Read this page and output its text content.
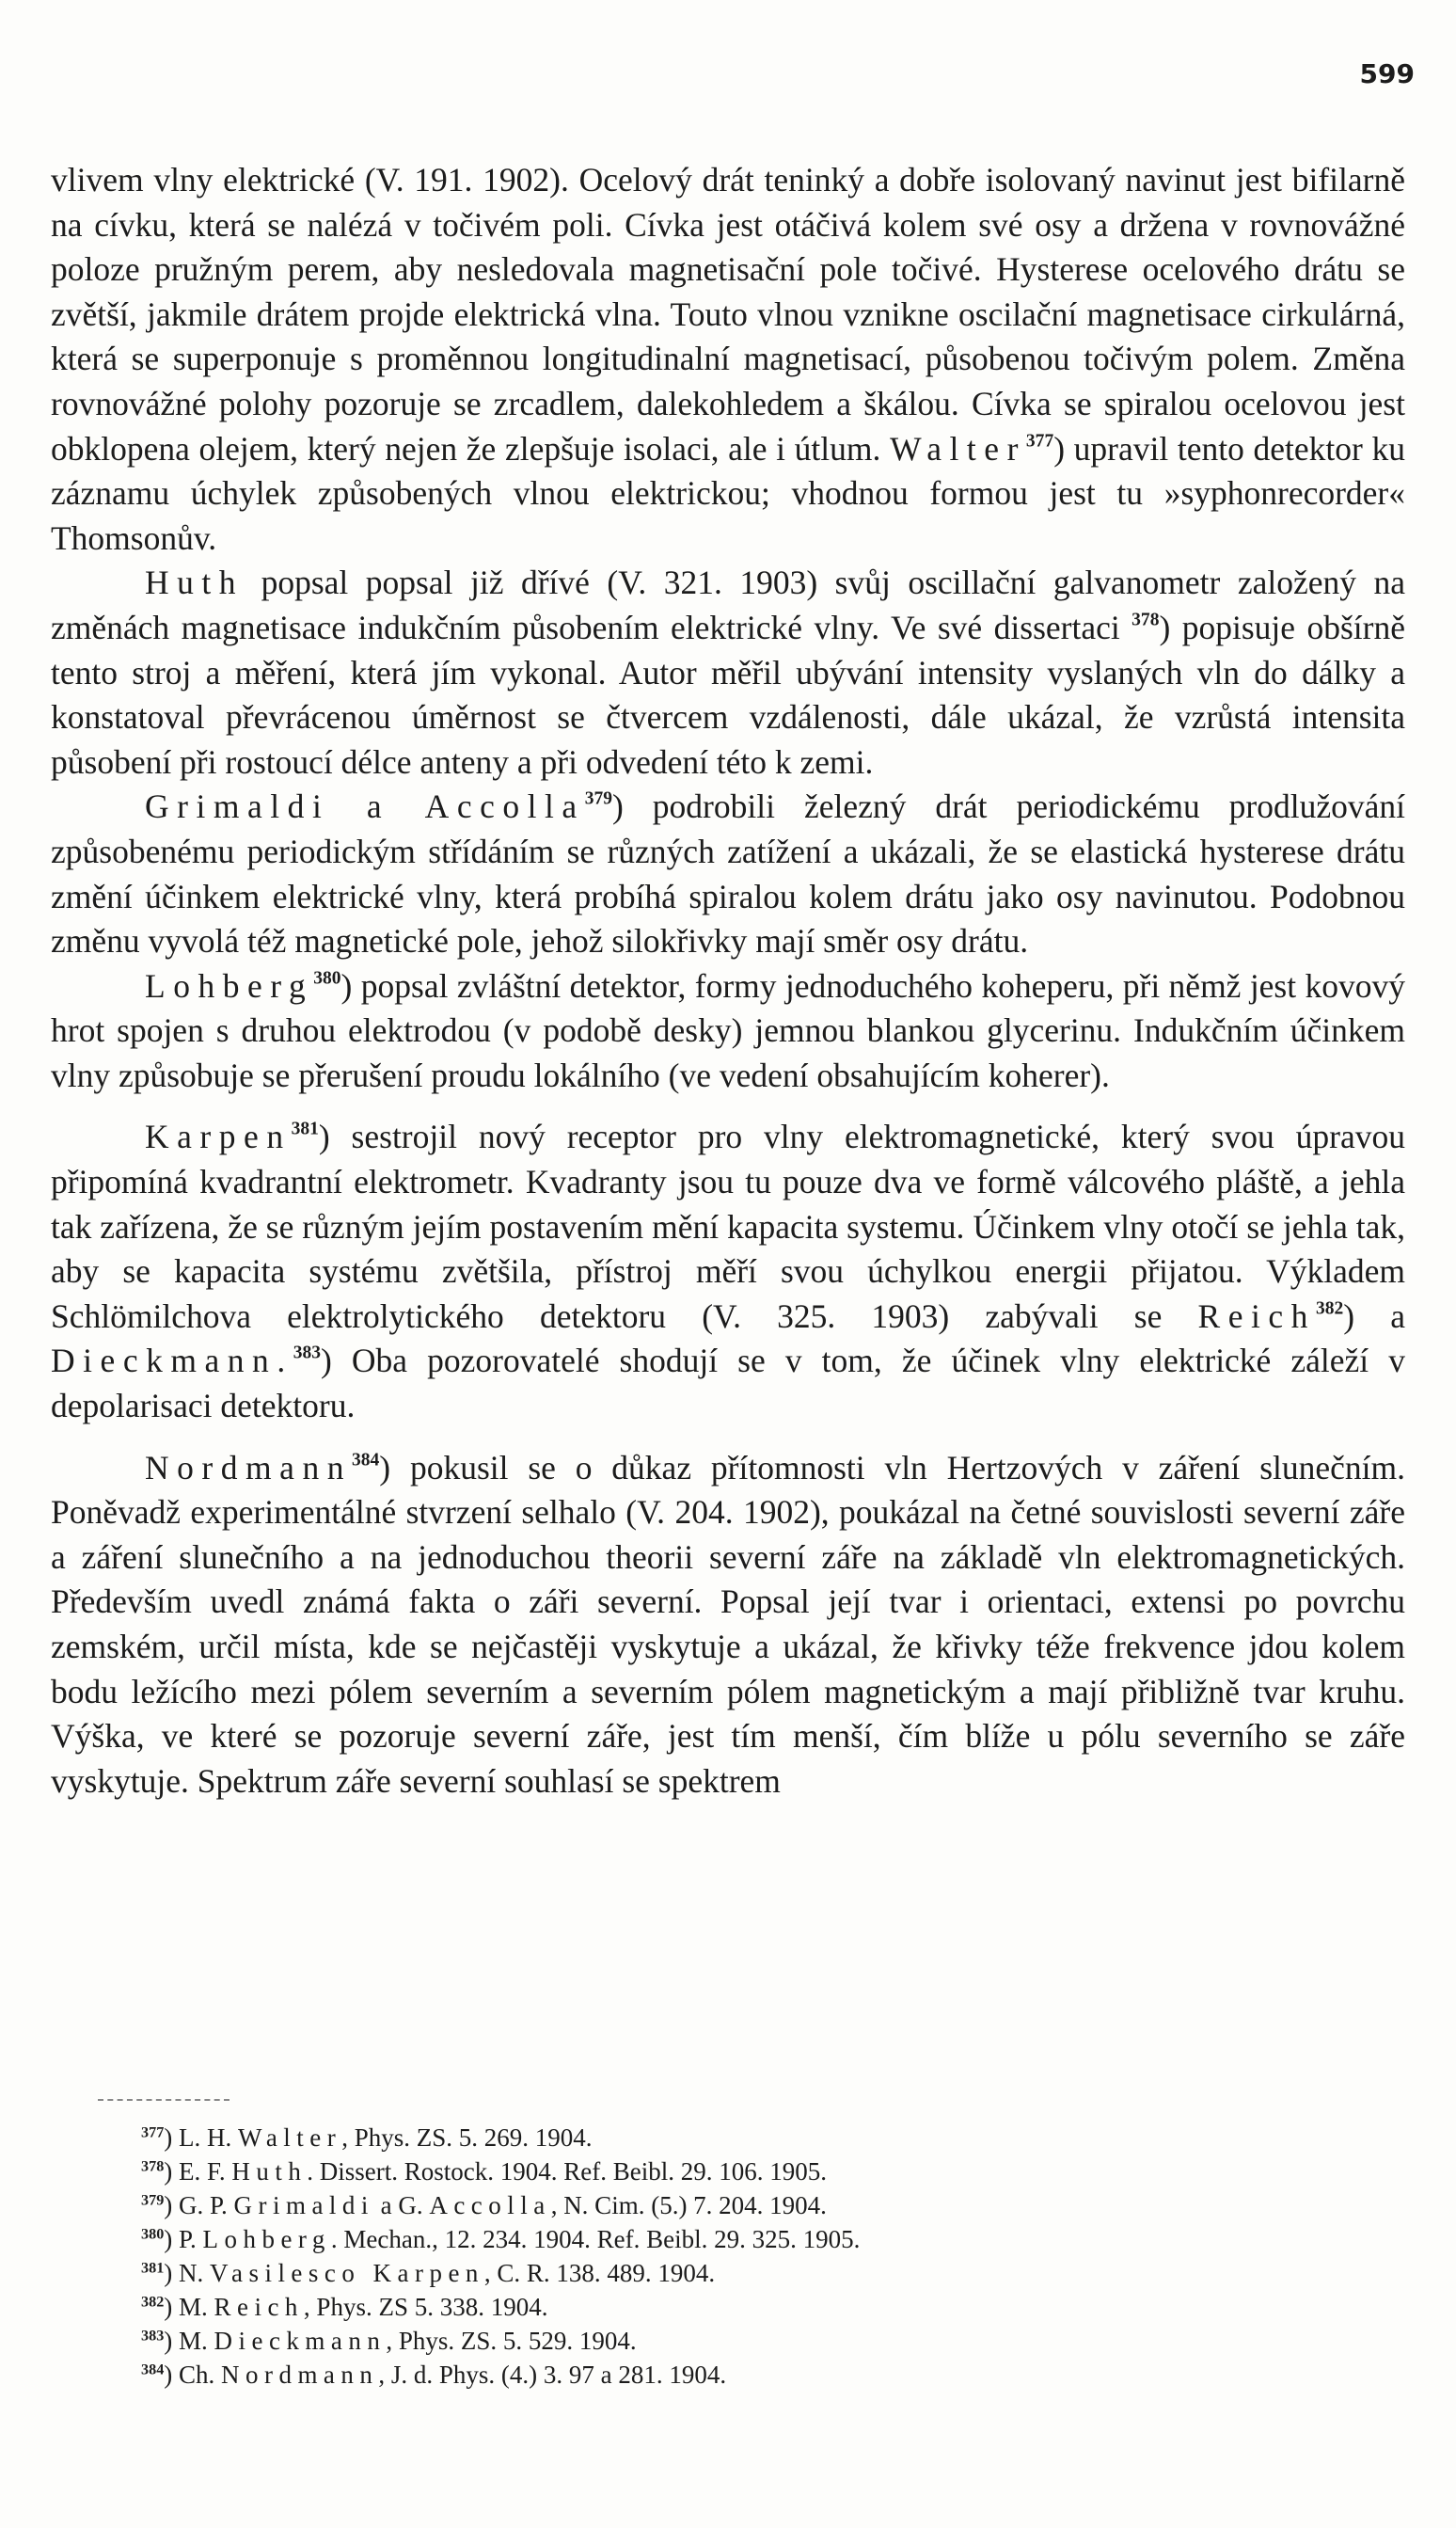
599

vlivem vlny elektrické (V. 191. 1902). Ocelový drát teninký a dobře isolovaný navinut jest bifilarně na cívku, která se nalézá v točivém poli. Cívka jest otáčivá kolem své osy a držena v rovnovážné poloze pružným perem, aby nesledovala magnetisační pole točivé. Hysterese ocelového drátu se zvětší, jakmile drátem projde elektrická vlna. Touto vlnou vznikne oscilační magnetisace cirkulárná, která se superponuje s proměnnou longitudinalní magnetisací, působenou točivým polem. Změna rovnovážné polohy pozoruje se zrcadlem, dalekohledem a škálou. Cívka se spiralou ocelovou jest obklopena olejem, který nejen že zlepšuje isolaci, ale i útlum. Walter$^{377}$) upravil tento detektor ku záznamu úchylek způsobených vlnou elektrickou; vhodnou formou jest tu »syphonrecorder« Thomsonův.

Huth popsal popsal již dřívé (V. 321. 1903) svůj oscillační galvanometr založený na změnách magnetisace indukčním působením elektrické vlny. Ve své dissertaci $^{378}$) popisuje obšírně tento stroj a měření, která jím vykonal. Autor měřil ubývání intensity vyslaných vln do dálky a konstatoval převrácenou úměrnost se čtvercem vzdálenosti, dále ukázal, že vzrůstá intensita působení při rostoucí délce anteny a při odvedení této k zemi.

Grimaldi a Accolla$^{379}$) podrobili železný drát periodickému prodlužování způsobenému periodickým střídáním se různých zatížení a ukázali, že se elastická hysterese drátu změní účinkem elektrické vlny, která probíhá spiralou kolem drátu jako osy navinutou. Podobnou změnu vyvolá též magnetické pole, jehož silokřivky mají směr osy drátu.

Lohberg$^{380}$) popsal zvláštní detektor, formy jednoduchého koheреru, při němž jest kovový hrot spojen s druhou elektrodou (v podobě desky) jemnou blankou glycerinu. Indukčním účinkem vlny způsobuje se přerušení proudu lokálního (ve vedení obsahujícím koherer).

Karpen$^{381}$) sestrojil nový receptor pro vlny elektromagnetické, který svou úpravou připomíná kvadrantní elektrometr. Kvadranty jsou tu pouze dva ve formě válcového pláště, a jehla tak zařízena, že se různým jejím postavením mění kapacita systemu. Účinkem vlny otočí se jehla tak, aby se kapacita systému zvětšila, přístroj měří svou úchylkou energii přijatou. Výkladem Schlömilchova elektrolytického detektoru (V. 325. 1903) zabývali se Reich$^{382}$) a Dieckmann.$^{383}$) Oba pozorovatelé shodují se v tom, že účinek vlny elektrické záleží v depolarisaci detektoru.

Nordmann$^{384}$) pokusil se o důkaz přítomnosti vln Hertzových v záření slunečním. Poněvadž experimentálné stvrzení selhalo (V. 204. 1902), poukázal na četné souvislosti severní záře a záření slunečního a na jednoduchou theorii severní záře na základě vln elektromagnetických. Především uvedl známá fakta o záři severní. Popsal její tvar i orientaci, extensi po povrchu zemském, určil místa, kde se nejčastěji vyskytuje a ukázal, že křivky téže frekvence jdou kolem bodu ležícího mezi pólem severním a severním pólem magnetickým a mají přibližně tvar kruhu. Výška, ve které se pozoruje severní záře, jest tím menší, čím blíže u pólu severního se záře vyskytuje. Spektrum záře severní souhlasí se spektrem

$^{377}$) L. H. Walter, Phys. ZS. 5. 269. 1904.
$^{378}$) E. F. Huth. Dissert. Rostock. 1904. Ref. Beibl. 29. 106. 1905.
$^{379}$) G. P. Grimaldi a G. Accolla, N. Cim. (5.) 7. 204. 1904.
$^{380}$) P. Lohberg. Mechan., 12. 234. 1904. Ref. Beibl. 29. 325. 1905.
$^{381}$) N. Vasilesco Karpen, C. R. 138. 489. 1904.
$^{382}$) M. Reich, Phys. ZS 5. 338. 1904.
$^{383}$) M. Dieckmann, Phys. ZS. 5. 529. 1904.
$^{384}$) Ch. Nordmann, J. d. Phys. (4.) 3. 97 a 281. 1904.
